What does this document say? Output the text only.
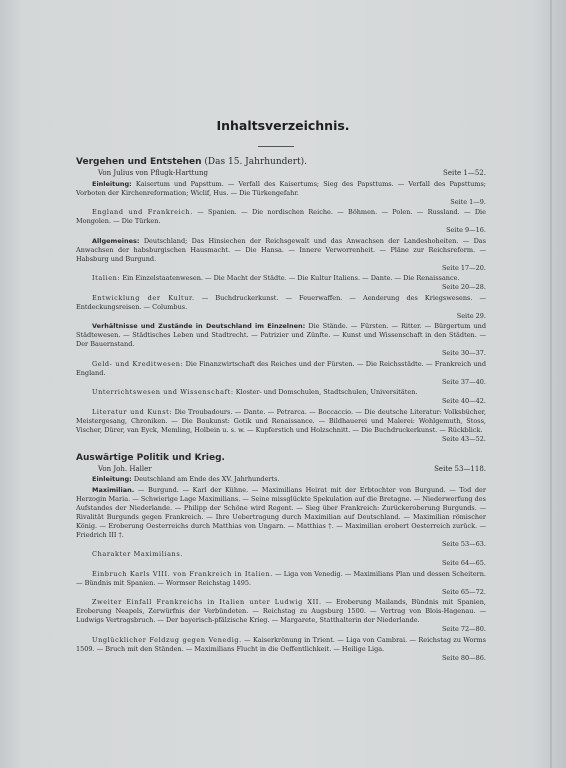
Inhaltsverzeichnis.
Vergehen und Entstehen (Das 15. Jahrhundert).
Von Julius von Pflugk-Harttung	Seite 1—52.
Einleitung: Kaisertum und Papsttum. — Verfall des Kaisertums; Sieg des Papsttums. — Verfall des Papsttums; Vorboten der Kirchenreformation; Wiclif, Hus. — Die Türkengefahr.
Seite 1—9.
England und Frankreich. — Spanien. — Die nordischen Reiche. — Böhmen. — Polen. — Russland. — Die Mongolen. — Die Türken.
Seite 9—16.
Allgemeines: Deutschland; Das Hinsiechen der Reichsgewalt und das Anwachsen der Landeshoheiten. — Das Anwachsen der habsburgischen Hausmacht. — Die Hansa. — Innere Verworrenheit. — Pläne zur Reichsreform. — Habsburg und Burgund.
Seite 17—20.
Italien: Ein Einzelstaatenwesen. — Die Macht der Städte. — Die Kultur Italiens. — Dante. — Die Renaissance.
Seite 20—28.
Entwicklung der Kultur. — Buchdruckerkunst. — Feuerwaffen. — Aenderung des Kriegswesens. — Entdeckungsreisen. — Columbus.
Seite 29.
Verhältnisse und Zustände in Deutschland im Einzelnen: Die Stände. — Fürsten. — Ritter. — Bürgertum und Städtewesen. — Städtisches Leben und Stadtrecht. — Patrizier und Zünfte. — Kunst und Wissenschaft in den Städten. — Der Bauernstand.
Seite 30—37.
Geld- und Kreditwesen: Die Finanzwirtschaft des Reiches und der Fürsten. — Die Reichsstädte. — Frankreich und England.
Seite 37—40.
Unterrichtswesen und Wissenschaft: Kloster- und Domschulen, Stadtschulen, Universitäten.
Seite 40—42.
Literatur und Kunst: Die Troubadours. — Dante. — Petrarca. — Boccaccio. — Die deutsche Literatur: Volksbücher, Meistergesang, Chroniken. — Die Baukunst: Gotik und Renaissance. — Bildhauerei und Malerei: Wohlgemuth, Stoss, Vischer, Dürer, van Eyck, Memling, Holbein u. s. w. — Kupferstich und Holzschnitt. — Die Buchdruckerkunst. — Rückblick.
Seite 43—52.
Auswärtige Politik und Krieg.
Von Joh. Haller	Seite 53—118.
Einleitung: Deutschland am Ende des XV. Jahrhunderts.
Maximilian. — Burgund. — Karl der Kühne. — Maximilians Heirat mit der Erbtochter von Burgund. — Tod der Herzogin Maria. — Schwierige Lage Maximilians. — Seine missglückte Spekulation auf die Bretagne. — Niederwerfung des Aufstandes der Niederlande. — Philipp der Schöne wird Regent. — Sieg über Frankreich: Zurückeroberung Burgunds. — Rivalität Burgunds gegen Frankreich. — Ihre Uebertragung durch Maximilian auf Deutschland. — Maximilian römischer König. — Eroberung Oesterreichs durch Matthias von Ungarn. — Matthias †. — Maximilian erobert Oesterreich zurück. — Friedrich III †.
Seite 53—63.
Charakter Maximilians.
Seite 64—65.
Einbruch Karls VIII. von Frankreich in Italien. — Liga von Venedig. — Maximilians Plan und dessen Scheitern. — Bündnis mit Spanien. — Wormser Reichstag 1495.
Seite 65—72.
Zweiter Einfall Frankreichs in Italien unter Ludwig XII. — Eroberung Mailands, Bündnis mit Spanien, Eroberung Neapels, Zerwürfnis der Verbündeten. — Reichstag zu Augsburg 1500. — Vertrag von Blois-Hagenau. — Ludwigs Vertragsbruch. — Der bayerisch-pfälzische Krieg. — Margarete, Statthalterin der Niederlande.
Seite 72—80.
Unglücklicher Feldzug gegen Venedig. — Kaiserkrönung in Trient. — Liga von Cambrai. — Reichstag zu Worms 1509. — Bruch mit den Ständen. — Maximilians Flucht in die Oeffentlichkeit. — Heilige Liga.
Seite 80—86.
